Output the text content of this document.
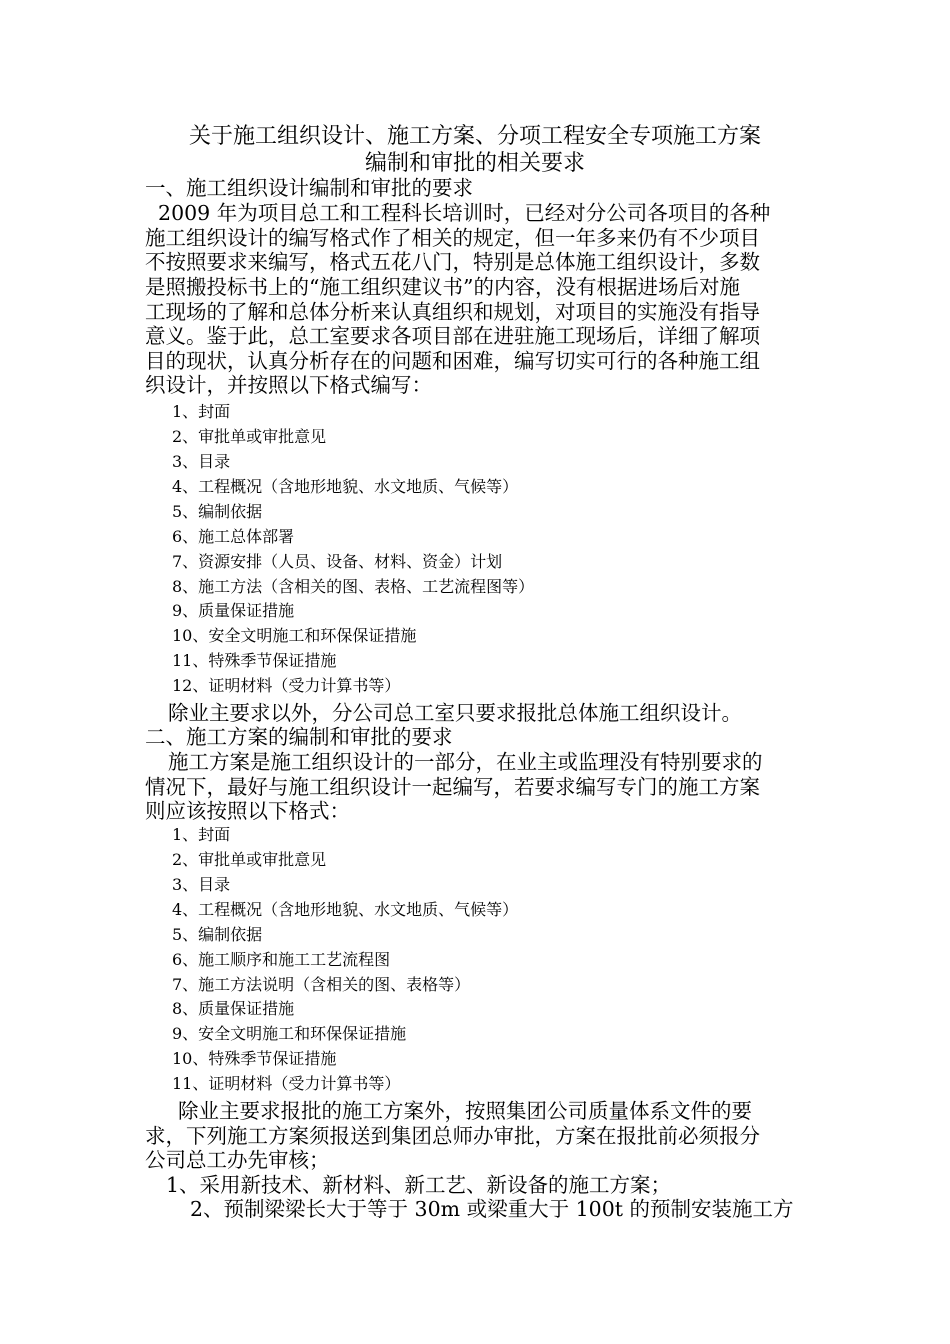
关于施工组织设计、施工方案、分项工程安全专项施工方案
编制和审批的相关要求
一、施工组织设计编制和审批的要求
2009 年为项目总工和工程科长培训时，已经对分公司各项目的各种
施工组织设计的编写格式作了相关的规定，但一年多来仍有不少项目
不按照要求来编写，格式五花八门，特别是总体施工组织设计，多数
是照搬投标书上的“施工组织建议书”的内容，没有根据进场后对施
工现场的了解和总体分析来认真组织和规划，对项目的实施没有指导
意义。鉴于此，总工室要求各项目部在进驻施工现场后，详细了解项
目的现状，认真分析存在的问题和困难，编写切实可行的各种施工组
织设计，并按照以下格式编写：
1、封面
2、审批单或审批意见
3、目录
4、工程概况（含地形地貌、水文地质、气候等）
5、编制依据
6、施工总体部署
7、资源安排（人员、设备、材料、资金）计划
8、施工方法（含相关的图、表格、工艺流程图等）
9、质量保证措施
10、安全文明施工和环保保证措施
11、特殊季节保证措施
12、证明材料（受力计算书等）
除业主要求以外，分公司总工室只要求报批总体施工组织设计。
二、施工方案的编制和审批的要求
施工方案是施工组织设计的一部分，在业主或监理没有特别要求的
情况下，最好与施工组织设计一起编写，若要求编写专门的施工方案
则应该按照以下格式：
1、封面
2、审批单或审批意见
3、目录
4、工程概况（含地形地貌、水文地质、气候等）
5、编制依据
6、施工顺序和施工工艺流程图
7、施工方法说明（含相关的图、表格等）
8、质量保证措施
9、安全文明施工和环保保证措施
10、特殊季节保证措施
11、证明材料（受力计算书等）
除业主要求报批的施工方案外，按照集团公司质量体系文件的要
求，下列施工方案须报送到集团总师办审批，方案在报批前必须报分
公司总工办先审核；
1、采用新技术、新材料、新工艺、新设备的施工方案；
2、预制梁梁长大于等于 30m 或梁重大于 100t 的预制安装施工方
